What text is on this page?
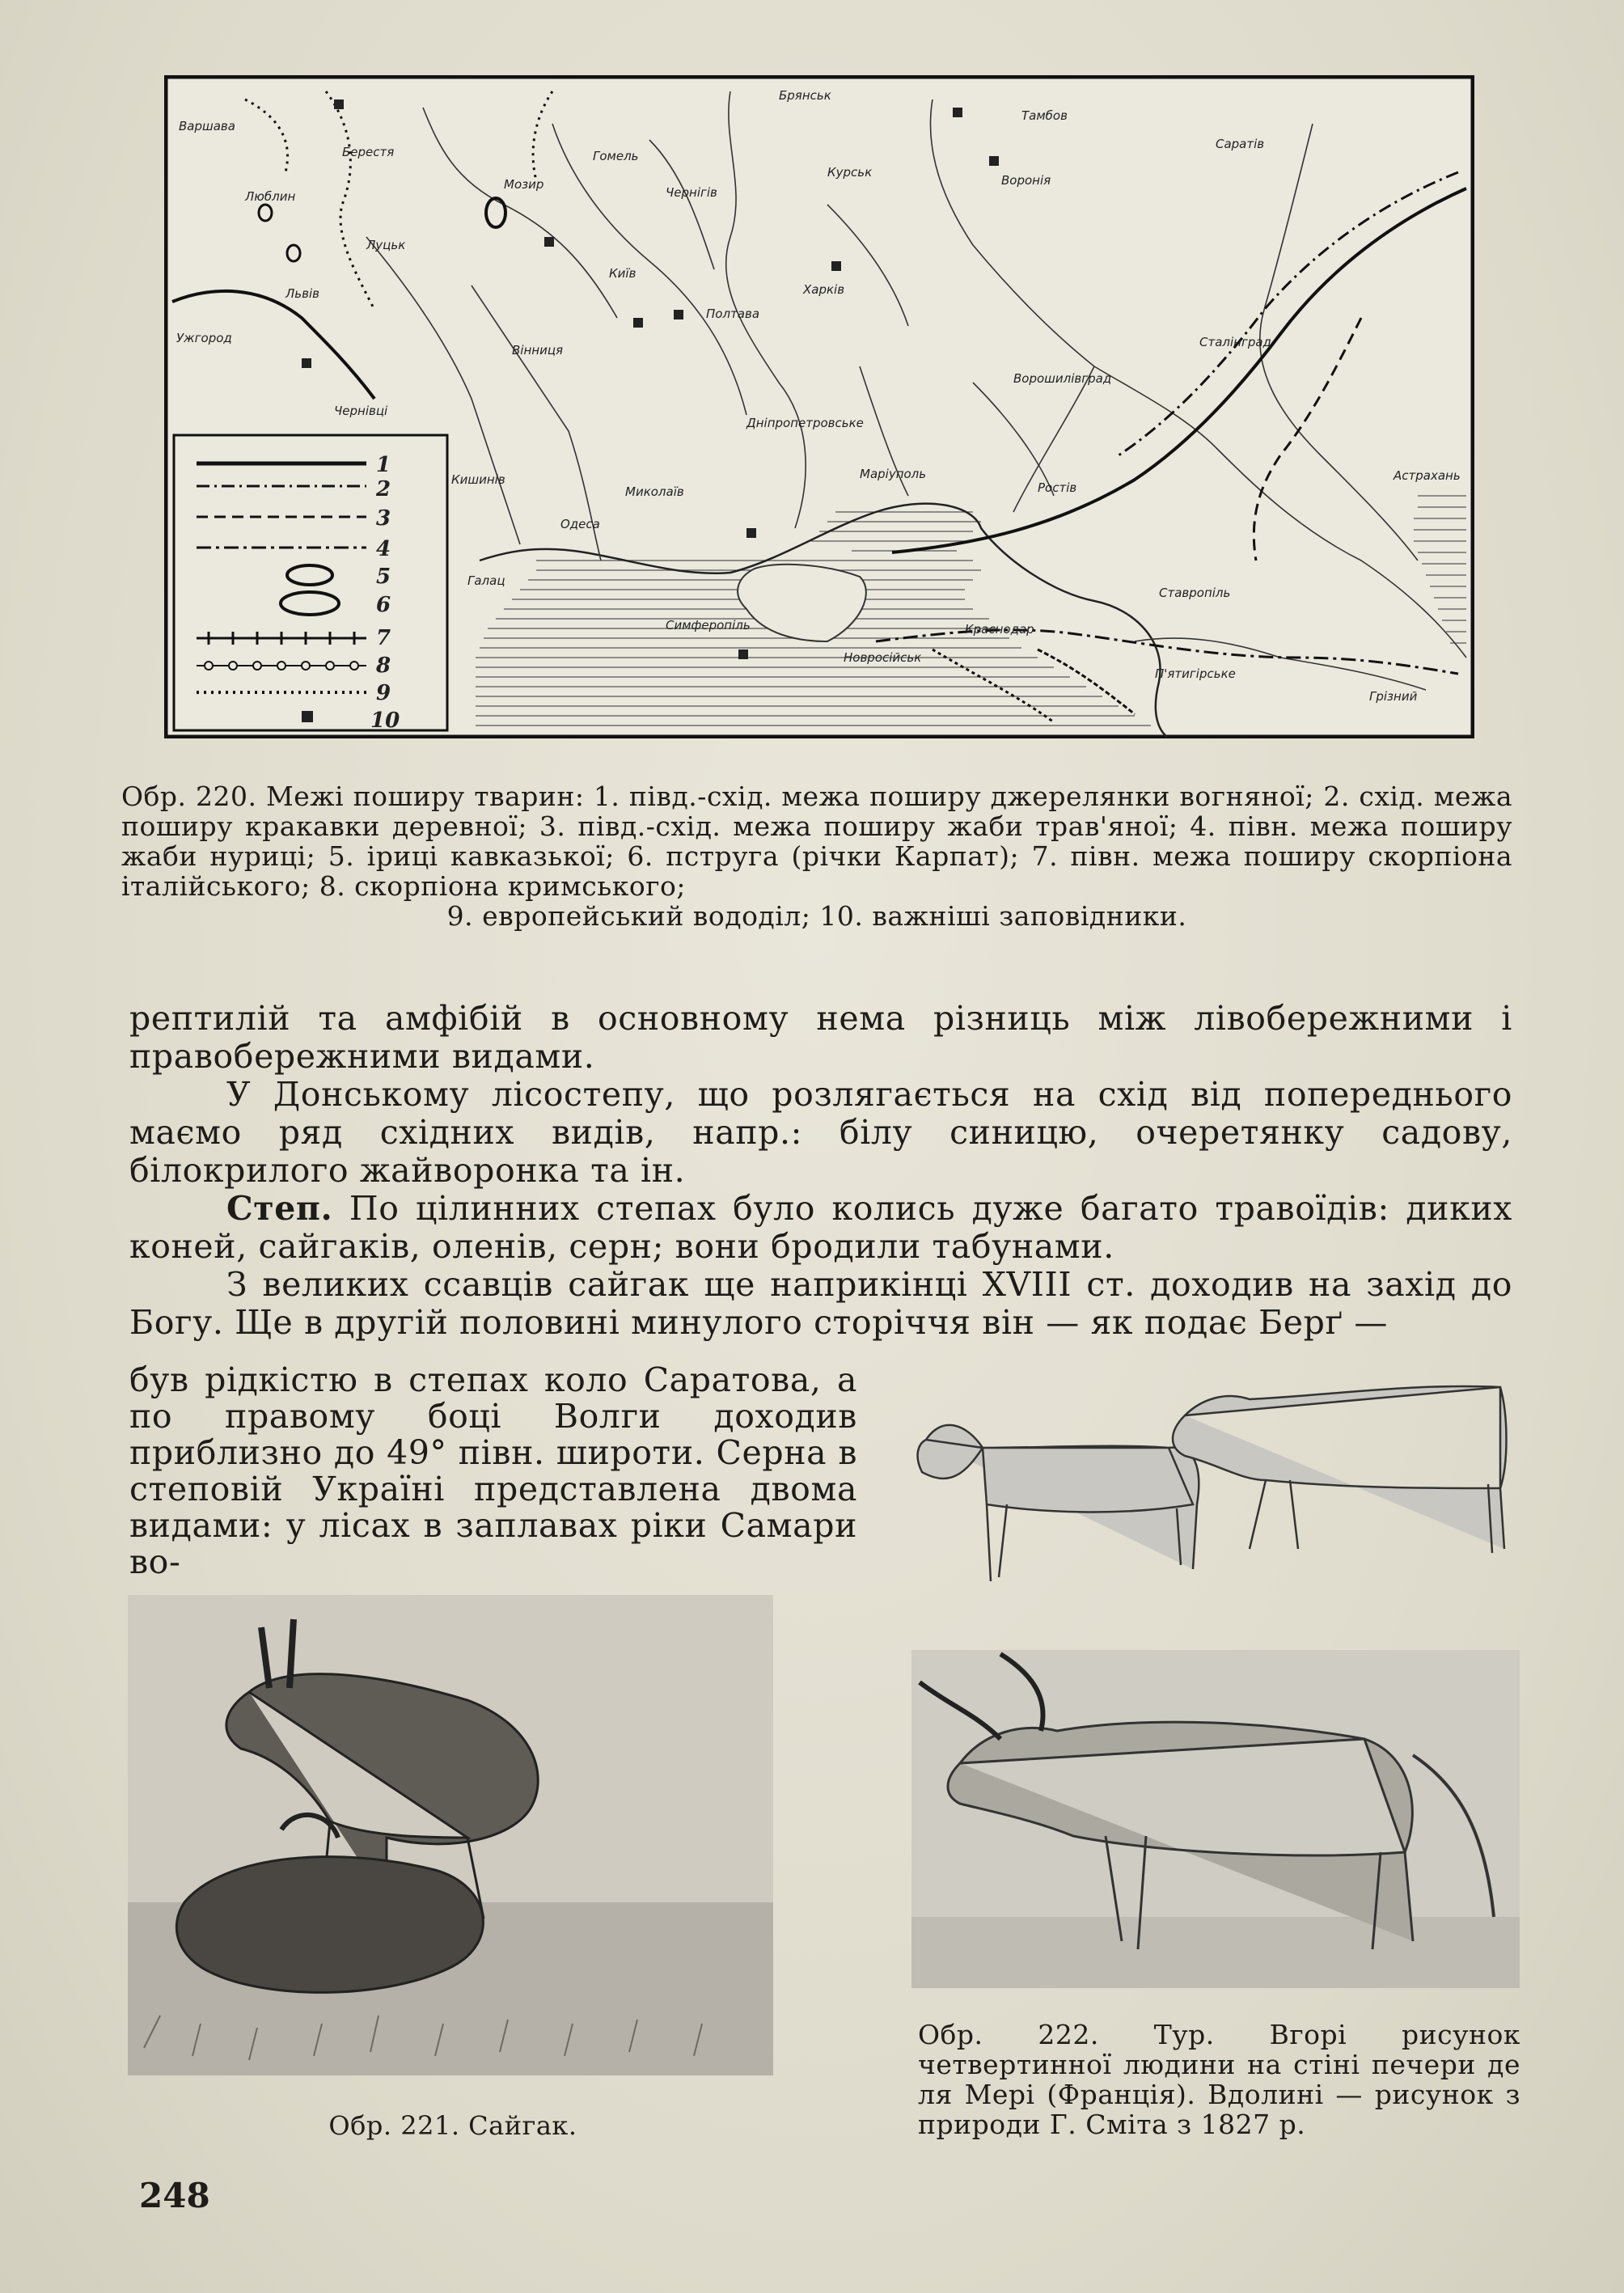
Варшава
Берестя
Брянськ
Тамбов
Саратів
Люблин
Мозир
Гомель
Чернігів
Курськ
Воронія
Луцьк
Львів
Київ
Харків
Полтава
Ужгород
Вінниця
Сталінград
Ворошилівград
Чернівці
Дніпропетровське
Кишинів
Миколаїв
Маріуполь
Ростів
Астрахань
Одеса
Галац
Ставропіль
Симферопіль	Краснодар
Новросійськ
П'ятигірське
Грізний
1
2
3
4
5
6
7
8
9
10
Обр. 220. Межі поширу тварин: 1. півд.-схід. межа поширу джерелянки вогняної; 2. схід. межа поширу кракавки деревної; 3. півд.-схід. межа поширу жаби трав'яної; 4. півн. межа поширу жаби нуриці; 5. іриці кавказької; 6. пструга (річки Карпат); 7. півн. межа поширу скорпіона італійського; 8. скорпіона кримського;
9. европейський вододіл; 10. важніші заповідники.

рептилій та амфібій в основному нема різниць між лівобережними і правобережними видами.

У Донському лісостепу, що розлягається на схід від попереднього маємо ряд східних видів, напр.: білу синицю, очеретянку садову, білокрилого жайворонка та ін.

Степ. По цілинних степах було колись дуже багато травоїдів: диких коней, сайгаків, оленів, серн; вони бродили табунами.

З великих ссавців сайгак ще наприкінці XVIII ст. доходив на захід до Богу. Ще в другій половині минулого сторіччя він — як подає Берґ —

був рідкістю в степах коло Саратова, а по правому боці Волги доходив приблизно до 49° півн. широти. Серна в степовій Україні представлена двома видами: у лісах в заплавах ріки Самари во-
Обр. 221. Сайгак.
Обр. 222. Тур. Вгорі рисунок четвертинної людини на стіні печери де ля Мері (Франція). Вдолині — рисунок з природи Г. Сміта з 1827 р.
248
